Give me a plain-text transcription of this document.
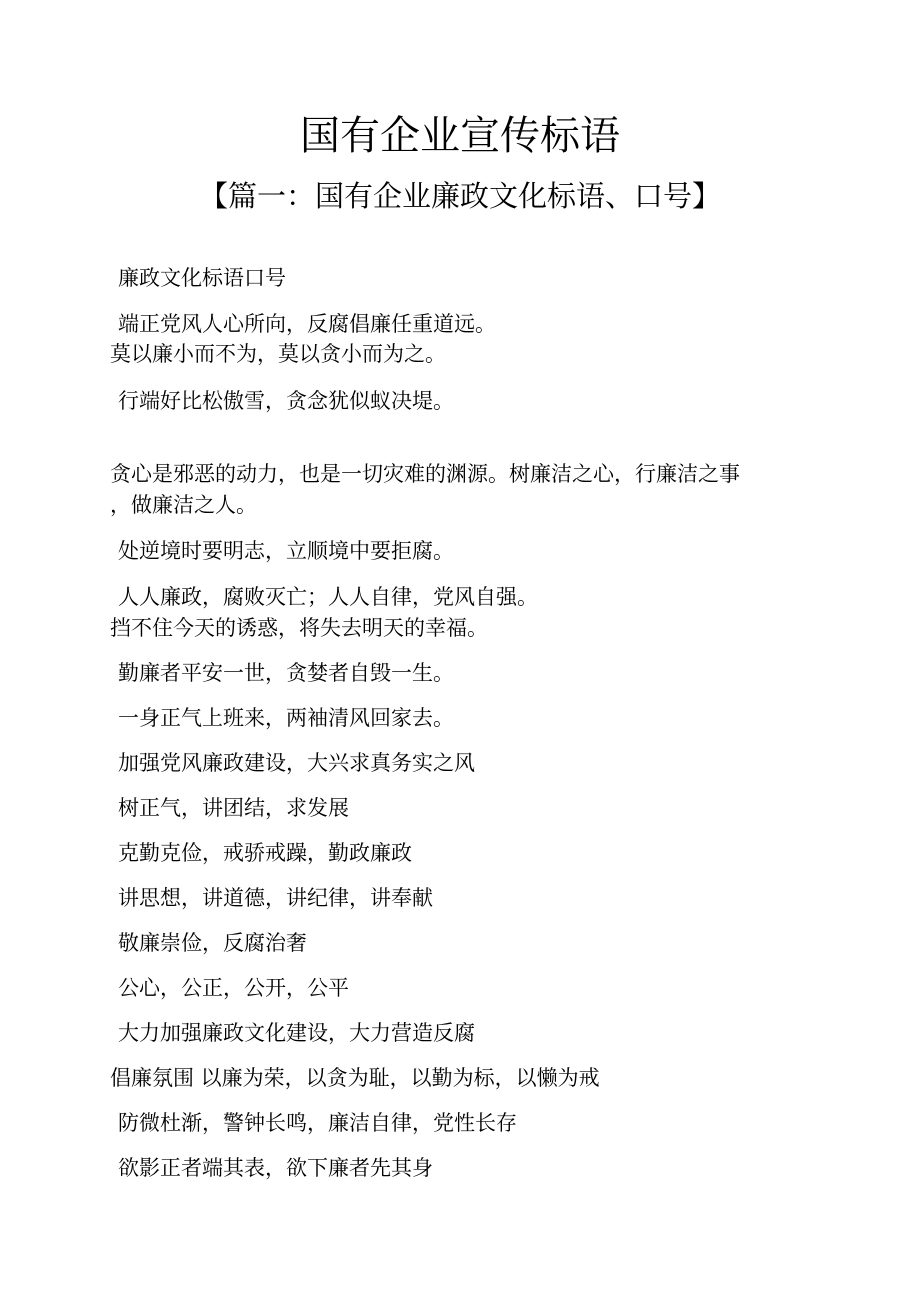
国有企业宣传标语
【篇一：国有企业廉政文化标语、口号】

廉政文化标语口号

端正党风人心所向，反腐倡廉任重道远。

莫以廉小而不为，莫以贪小而为之。

行端好比松傲雪，贪念犹似蚁决堤。

贪心是邪恶的动力，也是一切灾难的渊源。树廉洁之心，行廉洁之事

，做廉洁之人。

处逆境时要明志，立顺境中要拒腐。

人人廉政，腐败灭亡；人人自律，党风自强。

挡不住今天的诱惑，将失去明天的幸福。

勤廉者平安一世，贪婪者自毁一生。

一身正气上班来，两袖清风回家去。

加强党风廉政建设，大兴求真务实之风

树正气，讲团结，求发展

克勤克俭，戒骄戒躁，勤政廉政

讲思想，讲道德，讲纪律，讲奉献

敬廉崇俭，反腐治奢

公心，公正，公开，公平

大力加强廉政文化建设，大力营造反腐

倡廉氛围 以廉为荣，以贪为耻，以勤为标，以懒为戒

防微杜渐，警钟长鸣，廉洁自律，党性长存

欲影正者端其表，欲下廉者先其身
